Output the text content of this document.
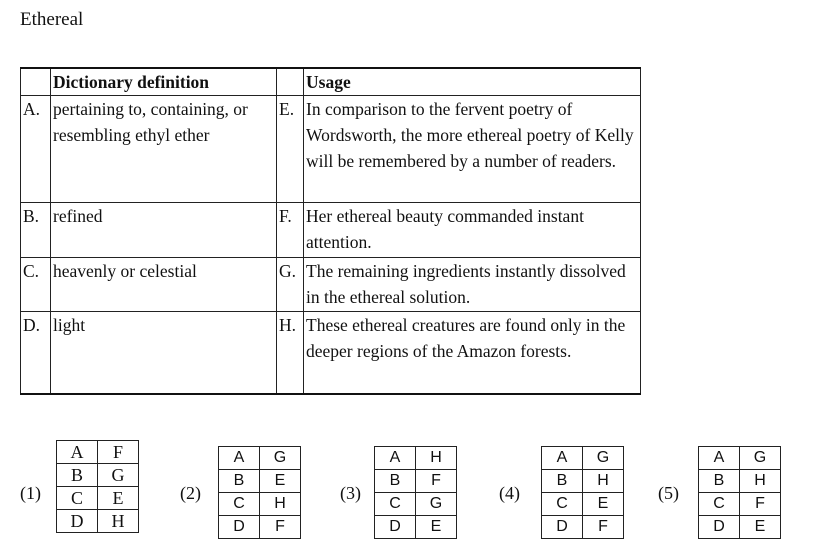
Ethereal
	Dictionary definition		Usage
A.	pertaining to, containing, or resembling ethyl ether	E.	In comparison to the fervent poetry of Wordsworth, the more ethereal poetry of Kelly will be remembered by a number of readers.
B.	refined	F.	Her ethereal beauty commanded instant attention.
C.	heavenly or celestial	G.	The remaining ingredients instantly dissolved in the ethereal solution.
D.	light	H.	These ethereal creatures are found only in the deeper regions of the Amazon forests.
(1)
A	F
B	G
C	E
D	H
(2)
A	G
B	E
C	H
D	F
(3)
A	H
B	F
C	G
D	E
(4)
A	G
B	H
C	E
D	F
(5)
A	G
B	H
C	F
D	E
